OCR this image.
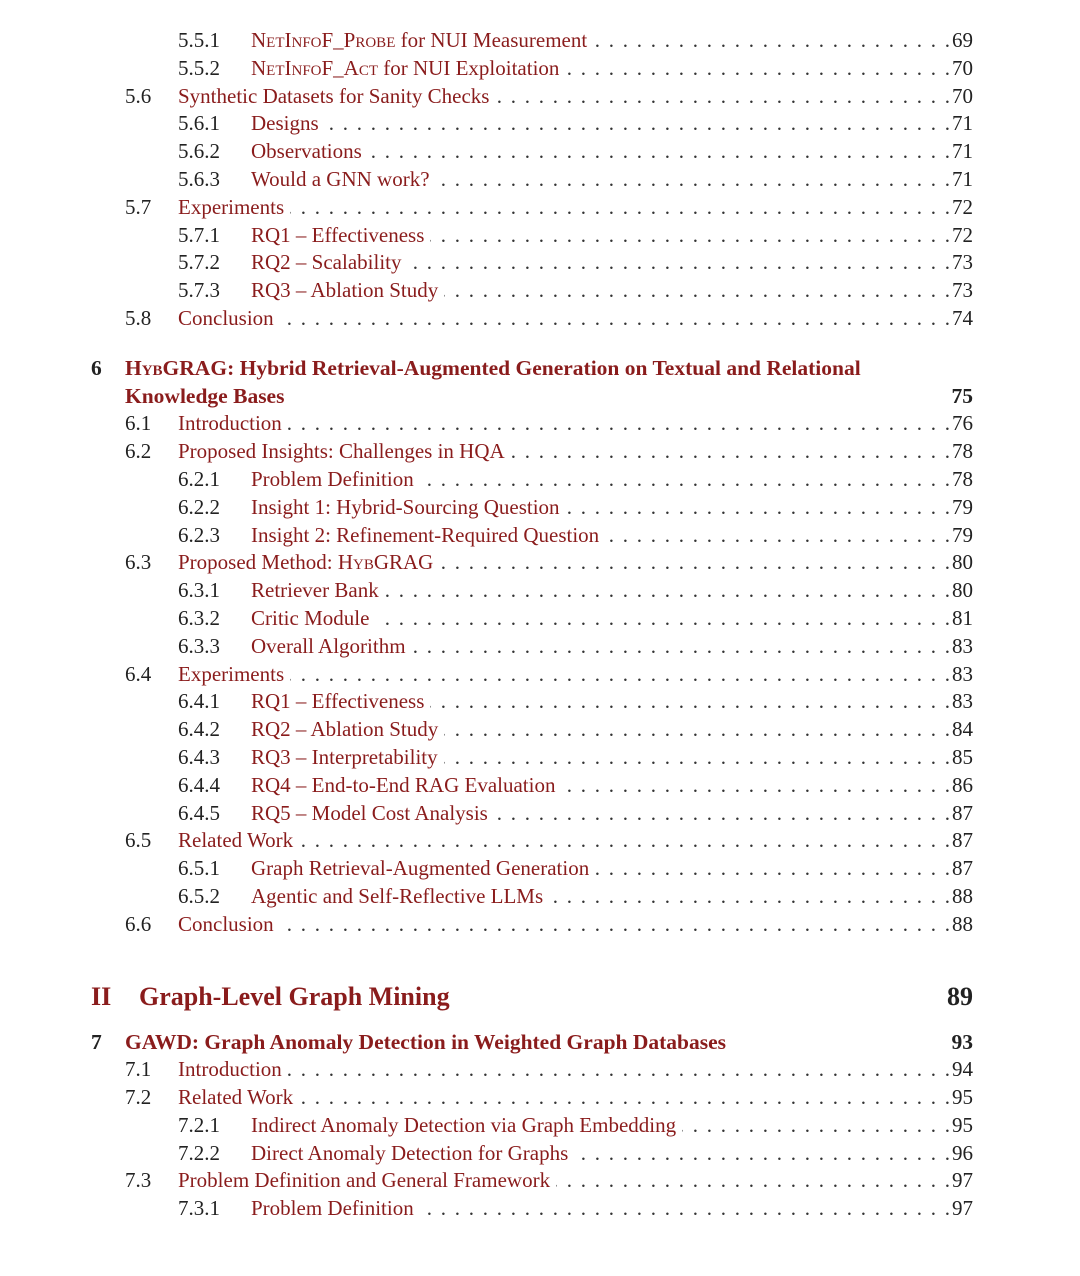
5.5.1 NetInfoF_Probe for NUI Measurement . . .	69
5.5.2 NetInfoF_Act for NUI Exploitation . . .	70
5.6 Synthetic Datasets for Sanity Checks . . .	70
5.6.1 Designs . . .	71
5.6.2 Observations . . .	71
5.6.3 Would a GNN work? . . .	71
5.7 Experiments . . .	72
5.7.1 RQ1 – Effectiveness . . .	72
5.7.2 RQ2 – Scalability . . .	73
5.7.3 RQ3 – Ablation Study . . .	73
5.8 Conclusion . . .	74
6 HybGRAG: Hybrid Retrieval-Augmented Generation on Textual and Relational
Knowledge Bases	75
6.1 Introduction . . .	76
6.2 Proposed Insights: Challenges in HQA . . .	78
6.2.1 Problem Definition . . .	78
6.2.2 Insight 1: Hybrid-Sourcing Question . . .	79
6.2.3 Insight 2: Refinement-Required Question . . .	79
6.3 Proposed Method: HybGRAG . . .	80
6.3.1 Retriever Bank . . .	80
6.3.2 Critic Module . . .	81
6.3.3 Overall Algorithm . . .	83
6.4 Experiments . . .	83
6.4.1 RQ1 – Effectiveness . . .	83
6.4.2 RQ2 – Ablation Study . . .	84
6.4.3 RQ3 – Interpretability . . .	85
6.4.4 RQ4 – End-to-End RAG Evaluation . . .	86
6.4.5 RQ5 – Model Cost Analysis . . .	87
6.5 Related Work . . .	87
6.5.1 Graph Retrieval-Augmented Generation . . .	87
6.5.2 Agentic and Self-Reflective LLMs . . .	88
6.6 Conclusion . . .	88
II Graph-Level Graph Mining	89
7 GAWD: Graph Anomaly Detection in Weighted Graph Databases	93
7.1 Introduction . . .	94
7.2 Related Work . . .	95
7.2.1 Indirect Anomaly Detection via Graph Embedding . . .	95
7.2.2 Direct Anomaly Detection for Graphs . . .	96
7.3 Problem Definition and General Framework . . .	97
7.3.1 Problem Definition . . .	97
